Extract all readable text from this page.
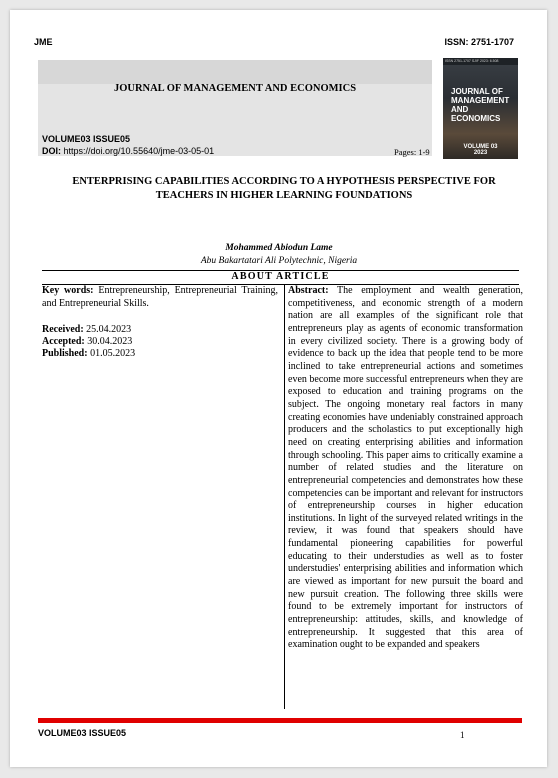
JME	ISSN: 2751-1707
JOURNAL OF MANAGEMENT AND ECONOMICS
VOLUME03 ISSUE05
DOI: https://doi.org/10.55640/jme-03-05-01	Pages: 1-9
ISSN 2751-1707 SJIF 2023: 6.508
JOURNAL OF MANAGEMENT AND ECONOMICS
VOLUME 03
2023
ENTERPRISING CAPABILITIES ACCORDING TO A HYPOTHESIS PERSPECTIVE FOR TEACHERS IN HIGHER LEARNING FOUNDATIONS
Mohammed Abiodun Lame
Abu Bakartatari Ali Polytechnic, Nigeria
ABOUT ARTICLE
Key words: Entrepreneurship, Entrepreneurial Training, and Entrepreneurial Skills.
Received: 25.04.2023
Accepted: 30.04.2023
Published: 01.05.2023
Abstract: The employment and wealth generation, competitiveness, and economic strength of a modern nation are all examples of the significant role that entrepreneurs play as agents of economic transformation in every civilized society. There is a growing body of evidence to back up the idea that people tend to be more inclined to take entrepreneurial actions and sometimes even become more successful entrepreneurs when they are exposed to education and training programs on the subject. The ongoing monetary real factors in many creating economies have undeniably constrained approach producers and the scholastics to put exceptionally high need on creating enterprising abilities and information through schooling. This paper aims to critically examine a number of related studies and the literature on entrepreneurial competencies and demonstrates how these competencies can be important and relevant for instructors of entrepreneurship courses in higher education institutions. In light of the surveyed related writings in the review, it was found that speakers should have fundamental pioneering capabilities for powerful educating to their understudies as well as to foster understudies' enterprising abilities and information which are viewed as important for new pursuit the board and new pursuit creation. The following three skills were found to be extremely important for instructors of entrepreneurship: attitudes, skills, and knowledge of entrepreneurship. It suggested that this area of examination ought to be expanded and speakers
VOLUME03 ISSUE05	1
